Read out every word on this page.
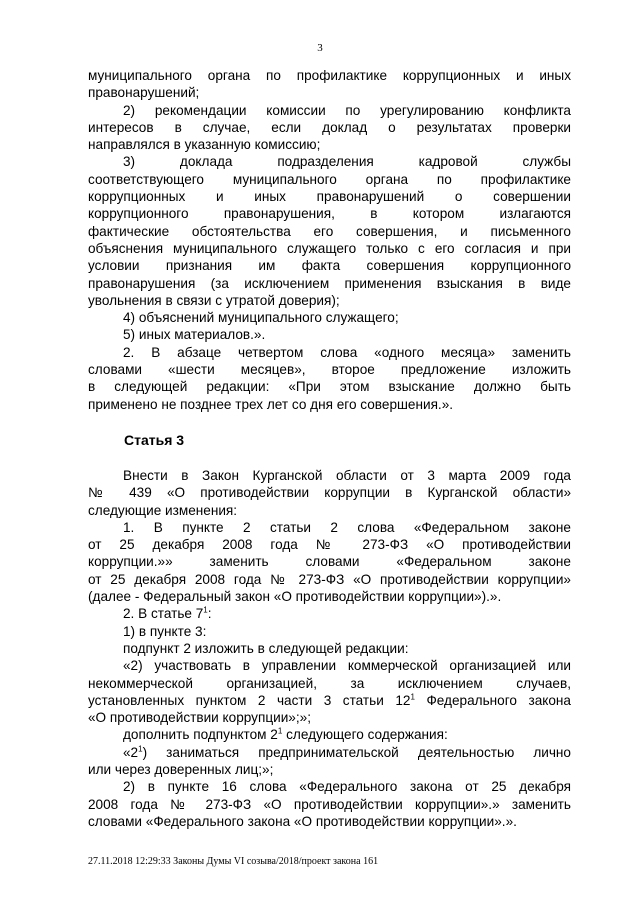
3
муниципального органа по профилактике коррупционных и иных
правонарушений;
2) рекомендации комиссии по урегулированию конфликта
интересов в случае, если доклад о результатах проверки
направлялся в указанную комиссию;
3) доклада подразделения кадровой службы
соответствующего муниципального органа по профилактике
коррупционных и иных правонарушений о совершении
коррупционного правонарушения, в котором излагаются
фактические обстоятельства его совершения, и письменного
объяснения муниципального служащего только с его согласия и при
условии признания им факта совершения коррупционного
правонарушения (за исключением применения взыскания в виде
увольнения в связи с утратой доверия);
4) объяснений муниципального служащего;
5) иных материалов.».
2. В абзаце четвертом слова «одного месяца» заменить
словами «шести месяцев», второе предложение изложить
в следующей редакции: «При этом взыскание должно быть
применено не позднее трех лет со дня его совершения.».
Статья 3
Внести в Закон Курганской области от 3 марта 2009 года
№ 439 «О противодействии коррупции в Курганской области»
следующие изменения:
1. В пункте 2 статьи 2 слова «Федеральном законе
от 25 декабря 2008 года № 273-ФЗ «О противодействии
коррупции.»» заменить словами «Федеральном законе
от 25 декабря 2008 года № 273-ФЗ «О противодействии коррупции»
(далее - Федеральный закон «О противодействии коррупции»).».
2. В статье $7^1$:
1) в пункте 3:
подпункт 2 изложить в следующей редакции:
«2) участвовать в управлении коммерческой организацией или
некоммерческой организацией, за исключением случаев,
установленных пунктом 2 части 3 статьи $12^1$ Федерального закона
«О противодействии коррупции»;»;
дополнить подпунктом $2^1$ следующего содержания:
«$2^1$) заниматься предпринимательской деятельностью лично
или через доверенных лиц;»;
2) в пункте 16 слова «Федерального закона от 25 декабря
2008 года № 273-ФЗ «О противодействии коррупции».» заменить
словами «Федерального закона «О противодействии коррупции».».
27.11.2018 12:29:33 Законы Думы VI созыва/2018/проект закона 161
